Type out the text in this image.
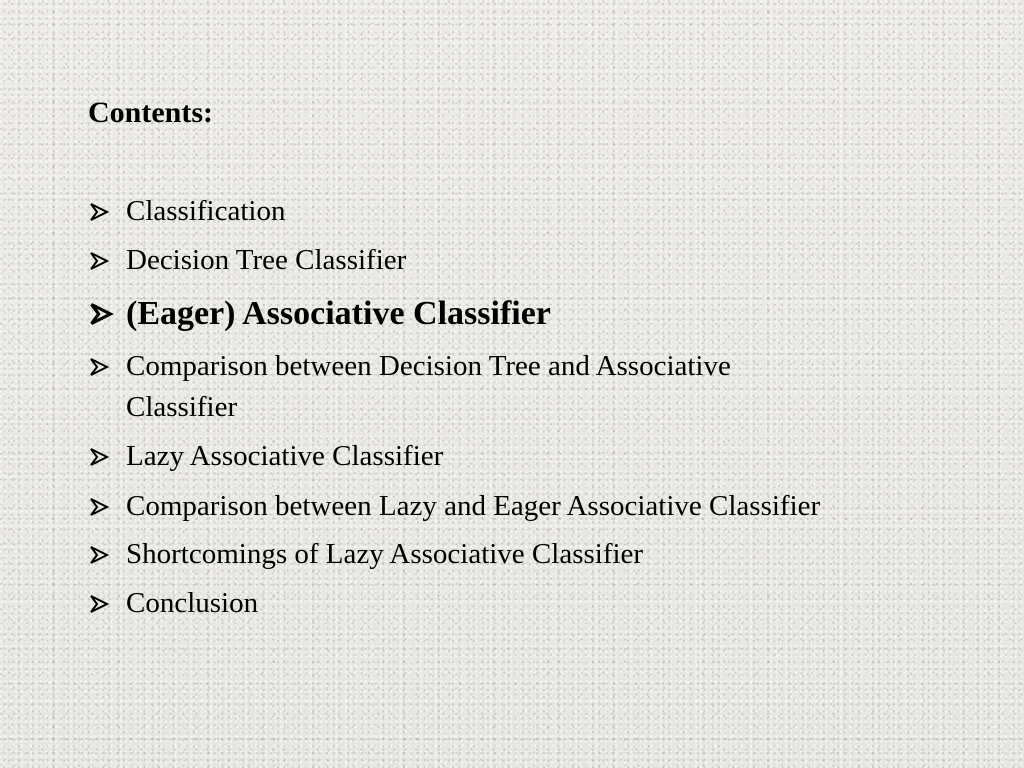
Contents:
Classification
Decision Tree Classifier
(Eager) Associative Classifier
Comparison between Decision Tree and Associative Classifier
Lazy Associative Classifier
Comparison between Lazy and Eager Associative Classifier
Shortcomings of Lazy Associative Classifier
Conclusion
